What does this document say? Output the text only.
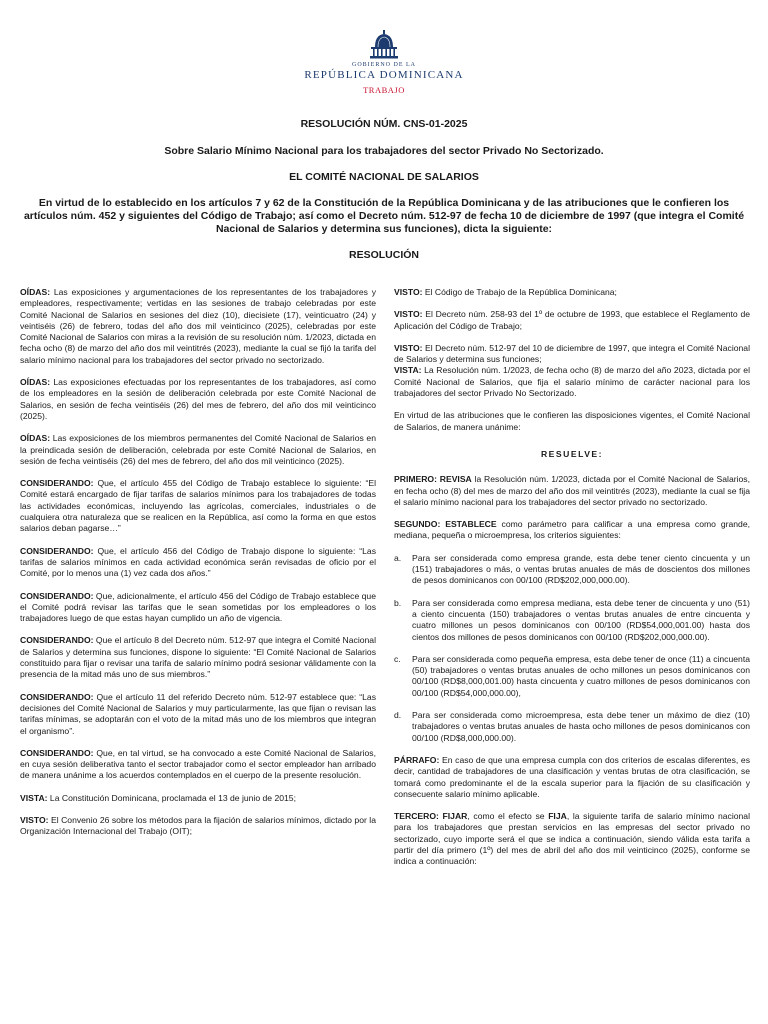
GOBIERNO DE LA
REPÚBLICA DOMINICANA
TRABAJO
RESOLUCIÓN NÚM. CNS-01-2025
Sobre Salario Mínimo Nacional para los trabajadores del sector Privado No Sectorizado.
EL COMITÉ NACIONAL DE SALARIOS
En virtud de lo establecido en los artículos 7 y 62 de la Constitución de la República Dominicana y de las atribuciones que le confieren los artículos núm. 452 y siguientes del Código de Trabajo; así como el Decreto núm. 512-97 de fecha 10 de diciembre de 1997 (que integra el Comité Nacional de Salarios y determina sus funciones), dicta la siguiente:
RESOLUCIÓN

OÍDAS: Las exposiciones y argumentaciones de los representantes de los trabajadores y empleadores, respectivamente; vertidas en las sesiones de trabajo celebradas por este Comité Nacional de Salarios en sesiones del diez (10), diecisiete (17), veinticuatro (24) y veintiséis (26) de febrero, todas del año dos mil veinticinco (2025), celebradas por este Comité Nacional de Salarios con miras a la revisión de su resolución núm. 1/2023, dictada en fecha ocho (8) de marzo del año dos mil veintitrés (2023), mediante la cual se fijó la tarifa del salario mínimo nacional para los trabajadores del sector privado no sectorizado.

OÍDAS: Las exposiciones efectuadas por los representantes de los trabajadores, así como de los empleadores en la sesión de deliberación celebrada por este Comité Nacional de Salarios, en sesión de fecha veintiséis (26) del mes de febrero, del año dos mil veinticinco (2025).

OÍDAS: Las exposiciones de los miembros permanentes del Comité Nacional de Salarios en la preindicada sesión de deliberación, celebrada por este Comité Nacional de Salarios, en sesión de fecha veintiséis (26) del mes de febrero, del año dos mil veinticinco (2025).

CONSIDERANDO: Que, el artículo 455 del Código de Trabajo establece lo siguiente: “El Comité estará encargado de fijar tarifas de salarios mínimos para los trabajadores de todas las actividades económicas, incluyendo las agrícolas, comerciales, industriales o de cualquiera otra naturaleza que se realicen en la República, así como la forma en que estos salarios deban pagarse…”

CONSIDERANDO: Que, el artículo 456 del Código de Trabajo dispone lo siguiente: “Las tarifas de salarios mínimos en cada actividad económica serán revisadas de oficio por el Comité, por lo menos una (1) vez cada dos años.”

CONSIDERANDO: Que, adicionalmente, el artículo 456 del Código de Trabajo establece que el Comité podrá revisar las tarifas que le sean sometidas por los empleadores o los trabajadores luego de que estas hayan cumplido un año de vigencia.

CONSIDERANDO: Que el artículo 8 del Decreto núm. 512-97 que integra el Comité Nacional de Salarios y determina sus funciones, dispone lo siguiente: “El Comité Nacional de Salarios constituido para fijar o revisar una tarifa de salario mínimo podrá sesionar válidamente con la presencia de la mitad más uno de sus miembros.”

CONSIDERANDO: Que el artículo 11 del referido Decreto núm. 512-97 establece que: “Las decisiones del Comité Nacional de Salarios y muy particularmente, las que fijan o revisan las tarifas mínimas, se adoptarán con el voto de la mitad más uno de los miembros que integran el organismo”.

CONSIDERANDO: Que, en tal virtud, se ha convocado a este Comité Nacional de Salarios, en cuya sesión deliberativa tanto el sector trabajador como el sector empleador han arribado de manera unánime a los acuerdos contemplados en el cuerpo de la presente resolución.

VISTA: La Constitución Dominicana, proclamada el 13 de junio de 2015;

VISTO: El Convenio 26 sobre los métodos para la fijación de salarios mínimos, dictado por la Organización Internacional del Trabajo (OIT);

VISTO: El Código de Trabajo de la República Dominicana;

VISTO: El Decreto núm. 258-93 del 1º de octubre de 1993, que establece el Reglamento de Aplicación del Código de Trabajo;

VISTO: El Decreto núm. 512-97 del 10 de diciembre de 1997, que integra el Comité Nacional de Salarios y determina sus funciones;
VISTA: La Resolución núm. 1/2023, de fecha ocho (8) de marzo del año 2023, dictada por el Comité Nacional de Salarios, que fija el salario mínimo de carácter nacional para los trabajadores del sector Privado No Sectorizado.

En virtud de las atribuciones que le confieren las disposiciones vigentes, el Comité Nacional de Salarios, de manera unánime:

RESUELVE:

PRIMERO: REVISA la Resolución núm. 1/2023, dictada por el Comité Nacional de Salarios, en fecha ocho (8) del mes de marzo del año dos mil veintitrés (2023), mediante la cual se fija el salario mínimo nacional para los trabajadores del sector privado no sectorizado.

SEGUNDO: ESTABLECE como parámetro para calificar a una empresa como grande, mediana, pequeña o microempresa, los criterios siguientes:

a.	Para ser considerada como empresa grande, esta debe tener ciento cincuenta y un (151) trabajadores o más, o ventas brutas anuales de más de doscientos dos millones de pesos dominicanos con 00/100 (RD$202,000,000.00).
b.	Para ser considerada como empresa mediana, esta debe tener de cincuenta y uno (51) a ciento cincuenta (150) trabajadores o ventas brutas anuales de entre cincuenta y cuatro millones un pesos dominicanos con 00/100 (RD$54,000,001.00) hasta dos cientos dos millones de pesos dominicanos con 00/100 (RD$202,000,000.00).
c.	Para ser considerada como pequeña empresa, esta debe tener de once (11) a cincuenta (50) trabajadores o ventas brutas anuales de ocho millones un pesos dominicanos con 00/100 (RD$8,000,001.00) hasta cincuenta y cuatro millones de pesos dominicanos con 00/100 (RD$54,000,000.00),
d.	Para ser considerada como microempresa, esta debe tener un máximo de diez (10) trabajadores o ventas brutas anuales de hasta ocho millones de pesos dominicanos con 00/100 (RD$8,000,000.00).

PÁRRAFO: En caso de que una empresa cumpla con dos criterios de escalas diferentes, es decir, cantidad de trabajadores de una clasificación y ventas brutas de otra clasificación, se tomará como predominante el de la escala superior para la fijación de su clasificación y consecuente salario mínimo aplicable.

TERCERO: FIJAR, como el efecto se FIJA, la siguiente tarifa de salario mínimo nacional para los trabajadores que prestan servicios en las empresas del sector privado no sectorizado, cuyo importe será el que se indica a continuación, siendo válida esta tarifa a partir del día primero (1º) del mes de abril del año dos mil veinticinco (2025), conforme se indica a continuación:
